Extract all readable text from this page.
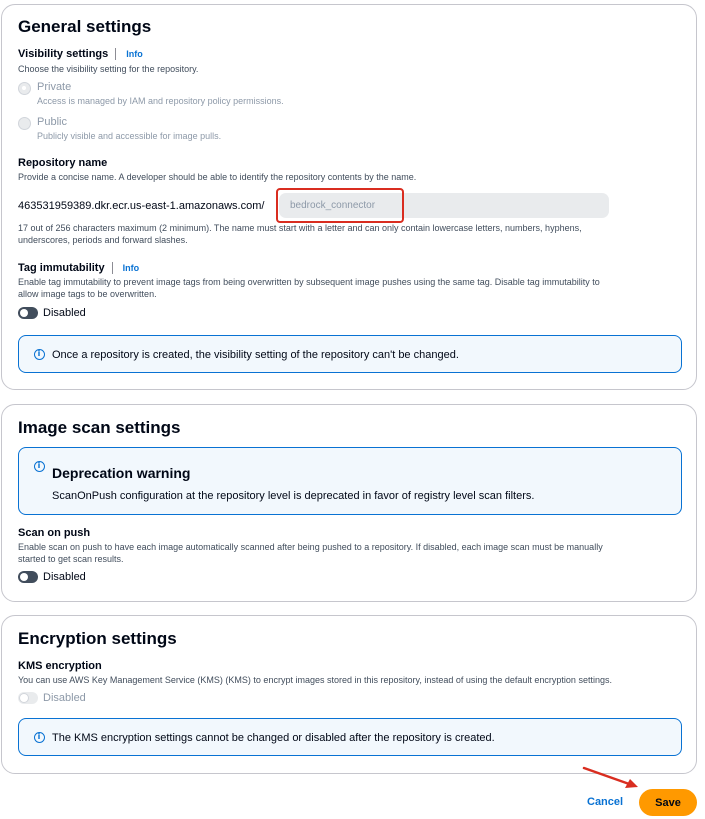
General settings
Visibility settings Info
Choose the visibility setting for the repository.
Private
Access is managed by IAM and repository policy permissions.
Public
Publicly visible and accessible for image pulls.
Repository name
Provide a concise name. A developer should be able to identify the repository contents by the name.
463531959389.dkr.ecr.us-east-1.amazonaws.com/
bedrock_connector
17 out of 256 characters maximum (2 minimum). The name must start with a letter and can only contain lowercase letters, numbers, hyphens,
underscores, periods and forward slashes.
Tag immutability Info
Enable tag immutability to prevent image tags from being overwritten by subsequent image pushes using the same tag. Disable tag immutability to
allow image tags to be overwritten.
Disabled
i
Once a repository is created, the visibility setting of the repository can't be changed.
Image scan settings
i
Deprecation warning
ScanOnPush configuration at the repository level is deprecated in favor of registry level scan filters.
Scan on push
Enable scan on push to have each image automatically scanned after being pushed to a repository. If disabled, each image scan must be manually
started to get scan results.
Disabled
Encryption settings
KMS encryption
You can use AWS Key Management Service (KMS) (KMS) to encrypt images stored in this repository, instead of using the default encryption settings.
Disabled
i
The KMS encryption settings cannot be changed or disabled after the repository is created.
Cancel	Save
